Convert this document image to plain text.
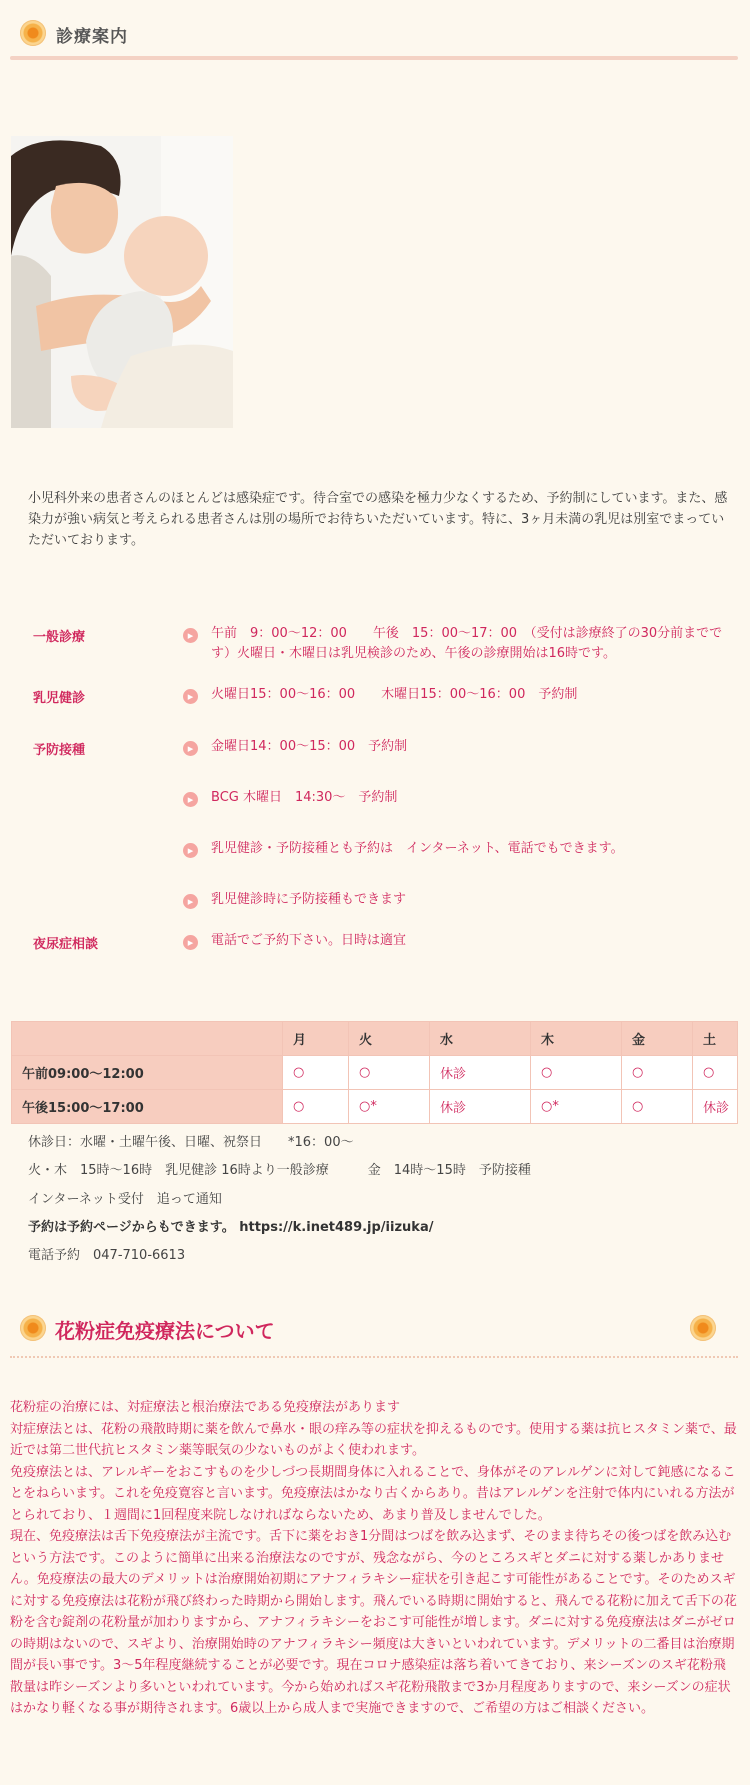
診療案内
小児科外来の患者さんのほとんどは感染症です。待合室での感染を極力少なくするため、予約制にしています。また、感染力が強い病気と考えられる患者さんは別の場所でお待ちいただいています。特に、3ヶ月未満の乳児は別室でまっていただいております。
一般診療	▸	午前　9：00～12：00　　午後　15：00～17：00　（受付は診療終了の30分前までです）火曜日・木曜日は乳児検診のため、午後の診療開始は16時です。
乳児健診	▸	火曜日15：00～16：00　　木曜日15：00～16：00　予約制
予防接種	▸	金曜日14：00～15：00　予約制
▸	BCG 木曜日　14:30～　予約制
▸	乳児健診・予防接種とも予約は　インターネット、電話でもできます。
▸	乳児健診時に予防接種もできます
夜尿症相談	▸	電話でご予約下さい。日時は適宜
	月	火	水	木	金	土
午前09:00～12:00	○	○	休診	○	○	○
午後15:00～17:00	○	○*	休診	○*	○	休診
休診日：水曜・土曜午後、日曜、祝祭日　　*16：00～
火・木　15時～16時　乳児健診 16時より一般診療　　　金　14時～15時　予防接種
インターネット受付　追って通知
予約は予約ページからもできます。 https://k.inet489.jp/iizuka/
電話予約　047-710-6613
花粉症免疫療法について
花粉症の治療には、対症療法と根治療法である免疫療法があります
対症療法とは、花粉の飛散時期に薬を飲んで鼻水・眼の痒み等の症状を抑えるものです。使用する薬は抗ヒスタミン薬で、最近では第二世代抗ヒスタミン薬等眠気の少ないものがよく使われます。
免疫療法とは、アレルギーをおこすものを少しづつ長期間身体に入れることで、身体がそのアレルゲンに対して鈍感になることをねらいます。これを免疫寛容と言います。免疫療法はかなり古くからあり。昔はアレルゲンを注射で体内にいれる方法がとられており、１週間に1回程度来院しなければならないため、あまり普及しませんでした。
現在、免疫療法は舌下免疫療法が主流です。舌下に薬をおき1分間はつばを飲み込まず、そのまま待ちその後つばを飲み込むという方法です。このように簡単に出来る治療法なのですが、残念ながら、今のところスギとダニに対する薬しかありません。免疫療法の最大のデメリットは治療開始初期にアナフィラキシー症状を引き起こす可能性があることです。そのためスギに対する免疫療法は花粉が飛び終わった時期から開始します。飛んでいる時期に開始すると、飛んでる花粉に加えて舌下の花粉を含む錠剤の花粉量が加わりますから、アナフィラキシーをおこす可能性が増します。ダニに対する免疫療法はダニがゼロの時期はないので、スギより、治療開始時のアナフィラキシー頻度は大きいといわれています。デメリットの二番目は治療期間が長い事です。3～5年程度継続することが必要です。現在コロナ感染症は落ち着いてきており、来シーズンのスギ花粉飛散量は昨シーズンより多いといわれています。今から始めればスギ花粉飛散まで3か月程度ありますので、来シーズンの症状はかなり軽くなる事が期待されます。6歳以上から成人まで実施できますので、ご希望の方はご相談ください。
